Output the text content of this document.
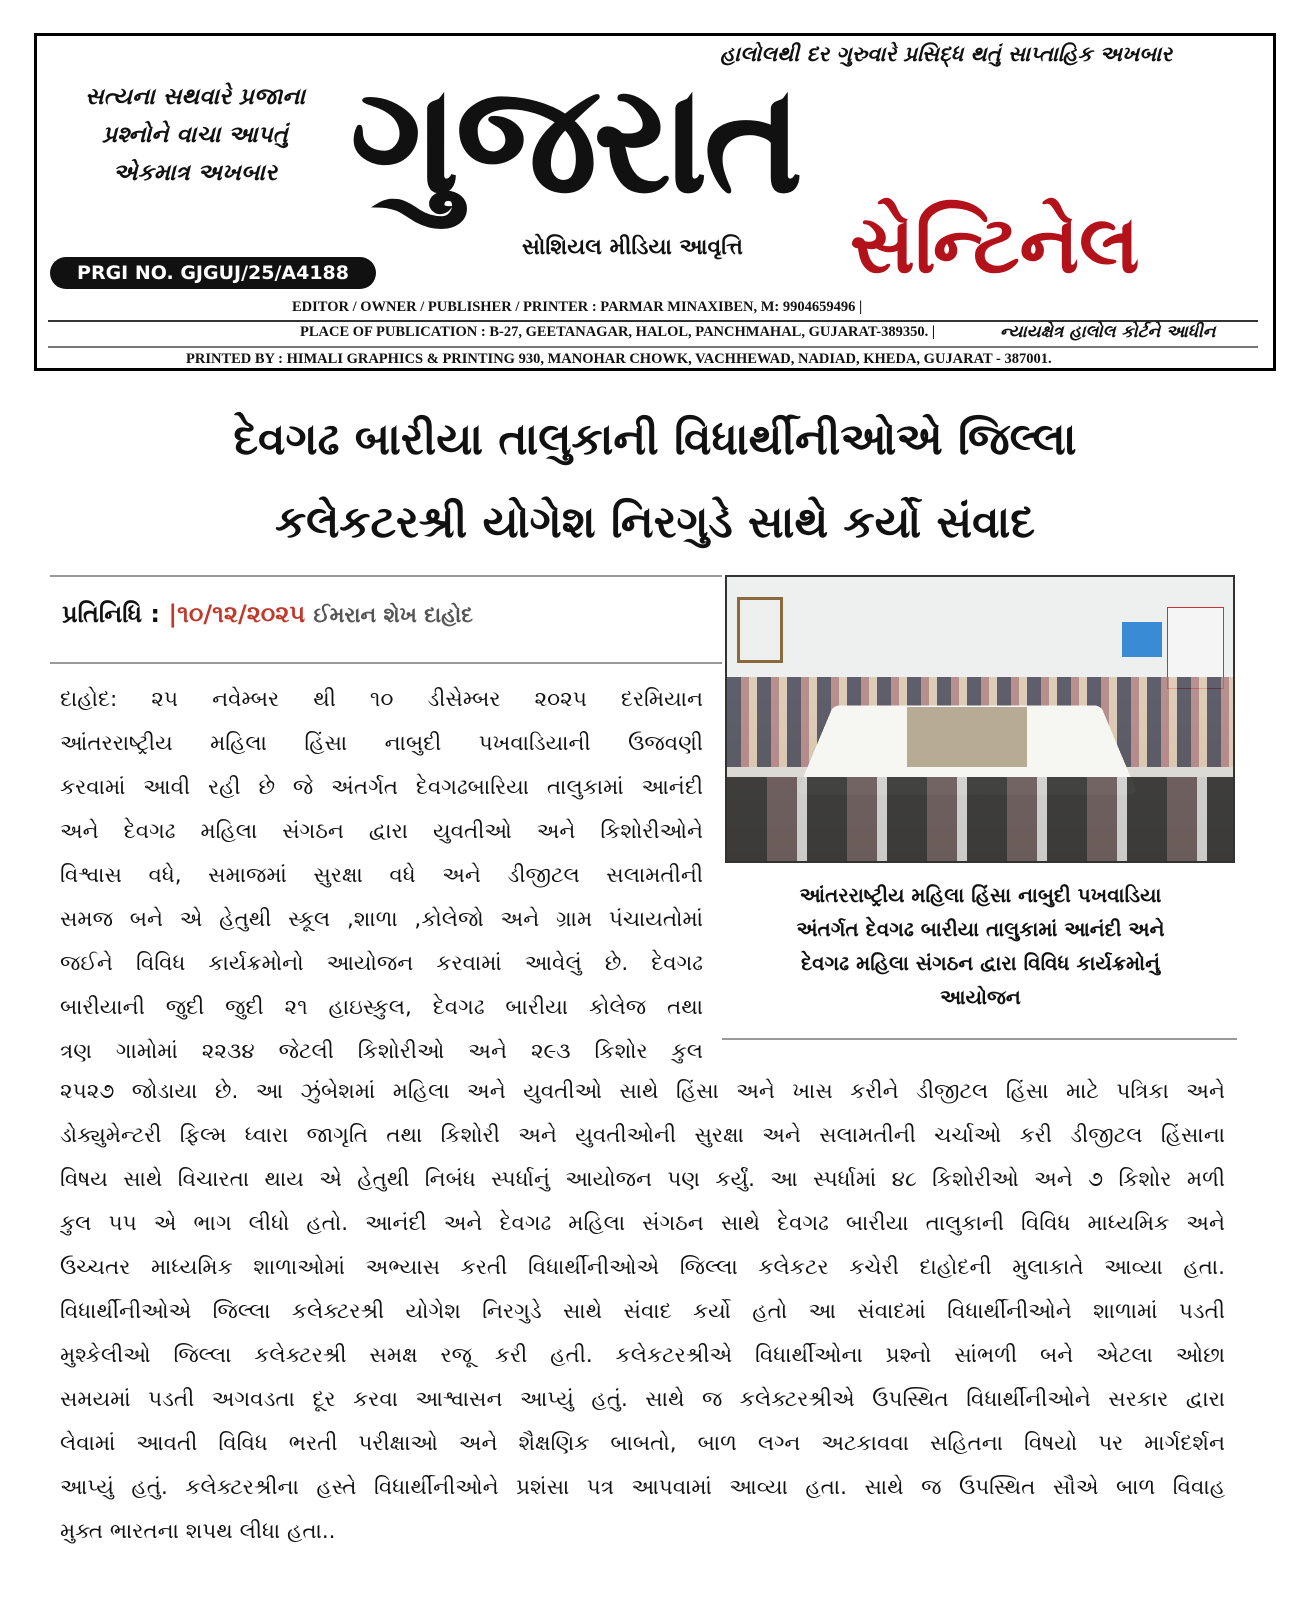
સત્યના સથવારે પ્રજાના
પ્રશ્નોને વાચા આપતું
એકમાત્ર અખબાર
PRGI NO. GJGUJ/25/A4188
હાલોલથી દર ગુરુવારે પ્રસિદ્ધ થતું સાપ્તાહિક અખબાર
ગુજરાત
સોશિયલ મીડિયા આવૃત્તિ સેન્ટિનેલ
EDITOR / OWNER / PUBLISHER / PRINTER : PARMAR MINAXIBEN, M: 9904659496 |
PLACE OF PUBLICATION : B-27, GEETANAGAR, HALOL, PANCHMAHAL, GUJARAT-389350. |	ન્યાયક્ષેત્ર હાલોલ કોર્ટને આધીન
PRINTED BY : HIMALI GRAPHICS & PRINTING 930, MANOHAR CHOWK, VACHHEWAD, NADIAD, KHEDA, GUJARAT - 387001.
દેવગઢ બારીયા તાલુકાની વિધાર્થીનીઓએ જિલ્લા
કલેકટરશ્રી યોગેશ નિરગુડે સાથે કર્યો સંવાદ
પ્રતિનિધિ : |૧૦/૧૨/૨૦૨૫ ઈમરાન શેખ દાહોદ
દાહોદ: ૨૫ નવેમ્બર થી ૧૦ ડીસેમ્બર ૨૦૨૫ દરમિયાન
આંતરરાષ્ટ્રીય મહિલા હિંસા નાબુદી પખવાડિયાની ઉજવણી
કરવામાં આવી રહી છે જે અંતર્ગત દેવગઢબારિયા તાલુકામાં આનંદી
અને દેવગઢ મહિલા સંગઠન દ્વારા યુવતીઓ અને કિશોરીઓને
વિશ્વાસ વધે, સમાજમાં સુરક્ષા વધે અને ડીજીટલ સલામતીની
સમજ બને એ હેતુથી સ્કૂલ ,શાળા ,કોલેજો અને ગ્રામ પંચાયતોમાં
જઈને વિવિધ કાર્યક્રમોનો આયોજન કરવામાં આવેલું છે. દેવગઢ
બારીયાની જુદી જુદી ૨૧ હાઇસ્કુલ, દેવગઢ બારીયા કોલેજ તથા
ત્રણ ગામોમાં ૨૨૩૪ જેટલી કિશોરીઓ અને ૨૯૩ કિશોર કુલ
૨૫૨૭ જોડાયા છે. આ ઝુંબેશમાં મહિલા અને યુવતીઓ સાથે હિંસા અને ખાસ કરીને ડીજીટલ હિંસા માટે પત્રિકા અને
ડોક્યુમેન્ટરી ફિલ્મ ધ્વારા જાગૃતિ તથા કિશોરી અને યુવતીઓની સુરક્ષા અને સલામતીની ચર્ચાઓ કરી ડીજીટલ હિંસાના
વિષય સાથે વિચારતા થાય એ હેતુથી નિબંધ સ્પર્ધાનું આયોજન પણ કર્યું. આ સ્પર્ધામાં ૪૮ કિશોરીઓ અને ૭ કિશોર મળી
કુલ ૫૫ એ ભાગ લીધો હતો. આનંદી અને દેવગઢ મહિલા સંગઠન સાથે દેવગઢ બારીયા તાલુકાની વિવિધ માધ્યમિક અને
ઉચ્ચતર માધ્યમિક શાળાઓમાં અભ્યાસ કરતી વિધાર્થીનીઓએ જિલ્લા કલેકટર કચેરી દાહોદની મુલાકાતે આવ્યા હતા.
વિધાર્થીનીઓએ જિલ્લા કલેક્ટરશ્રી યોગેશ નિરગુડે સાથે સંવાદ કર્યો હતો આ સંવાદમાં વિધાર્થીનીઓને શાળામાં પડતી
મુશ્કેલીઓ જિલ્લા કલેક્ટરશ્રી સમક્ષ રજૂ કરી હતી. કલેકટરશ્રીએ વિધાર્થીઓના પ્રશ્નો સાંભળી બને એટલા ઓછા
સમયમાં પડતી અગવડતા દૂર કરવા આશ્વાસન આપ્યું હતું. સાથે જ કલેક્ટરશ્રીએ ઉપસ્થિત વિધાર્થીનીઓને સરકાર દ્વારા
લેવામાં આવતી વિવિધ ભરતી પરીક્ષાઓ અને શૈક્ષણિક બાબતો, બાળ લગ્ન અટકાવવા સહિતના વિષયો પર માર્ગદર્શન
આપ્યું હતું. કલેક્ટરશ્રીના હસ્તે વિધાર્થીનીઓને પ્રશંસા પત્ર આપવામાં આવ્યા હતા. સાથે જ ઉપસ્થિત સૌએ બાળ વિવાહ
મુક્ત ભારતના શપથ લીધા હતા..
આંતરરાષ્ટ્રીય મહિલા હિંસા નાબુદી પખવાડિયા
અંતર્ગત દેવગઢ બારીયા તાલુકામાં આનંદી અને
દેવગઢ મહિલા સંગઠન દ્વારા વિવિધ કાર્યક્રમોનું
આયોજન
